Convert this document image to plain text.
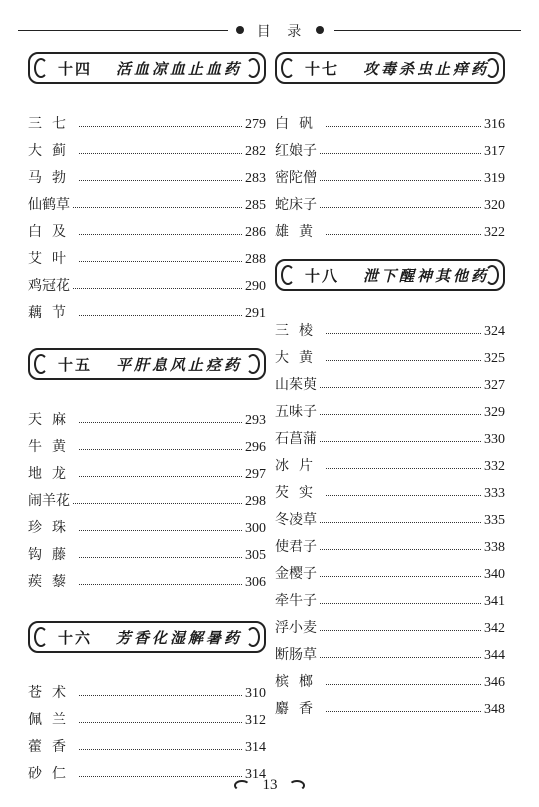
目 录
十四 活血凉血止血药
三七	279
大蓟	282
马勃	283
仙鹤草	285
白及	286
艾叶	288
鸡冠花	290
藕节	291
十五 平肝息风止痉药
天麻	293
牛黄	296
地龙	297
闹羊花	298
珍珠	300
钩藤	305
蒺藜	306
十六 芳香化湿解暑药
苍术	310
佩兰	312
藿香	314
砂仁	314
十七 攻毒杀虫止痒药
白矾	316
红娘子	317
密陀僧	319
蛇床子	320
雄黄	322
十八 泄下醒神其他药
三棱	324
大黄	325
山茱萸	327
五味子	329
石菖蒲	330
冰片	332
芡实	333
冬凌草	335
使君子	338
金樱子	340
牵牛子	341
浮小麦	342
断肠草	344
槟榔	346
麝香	348
13
